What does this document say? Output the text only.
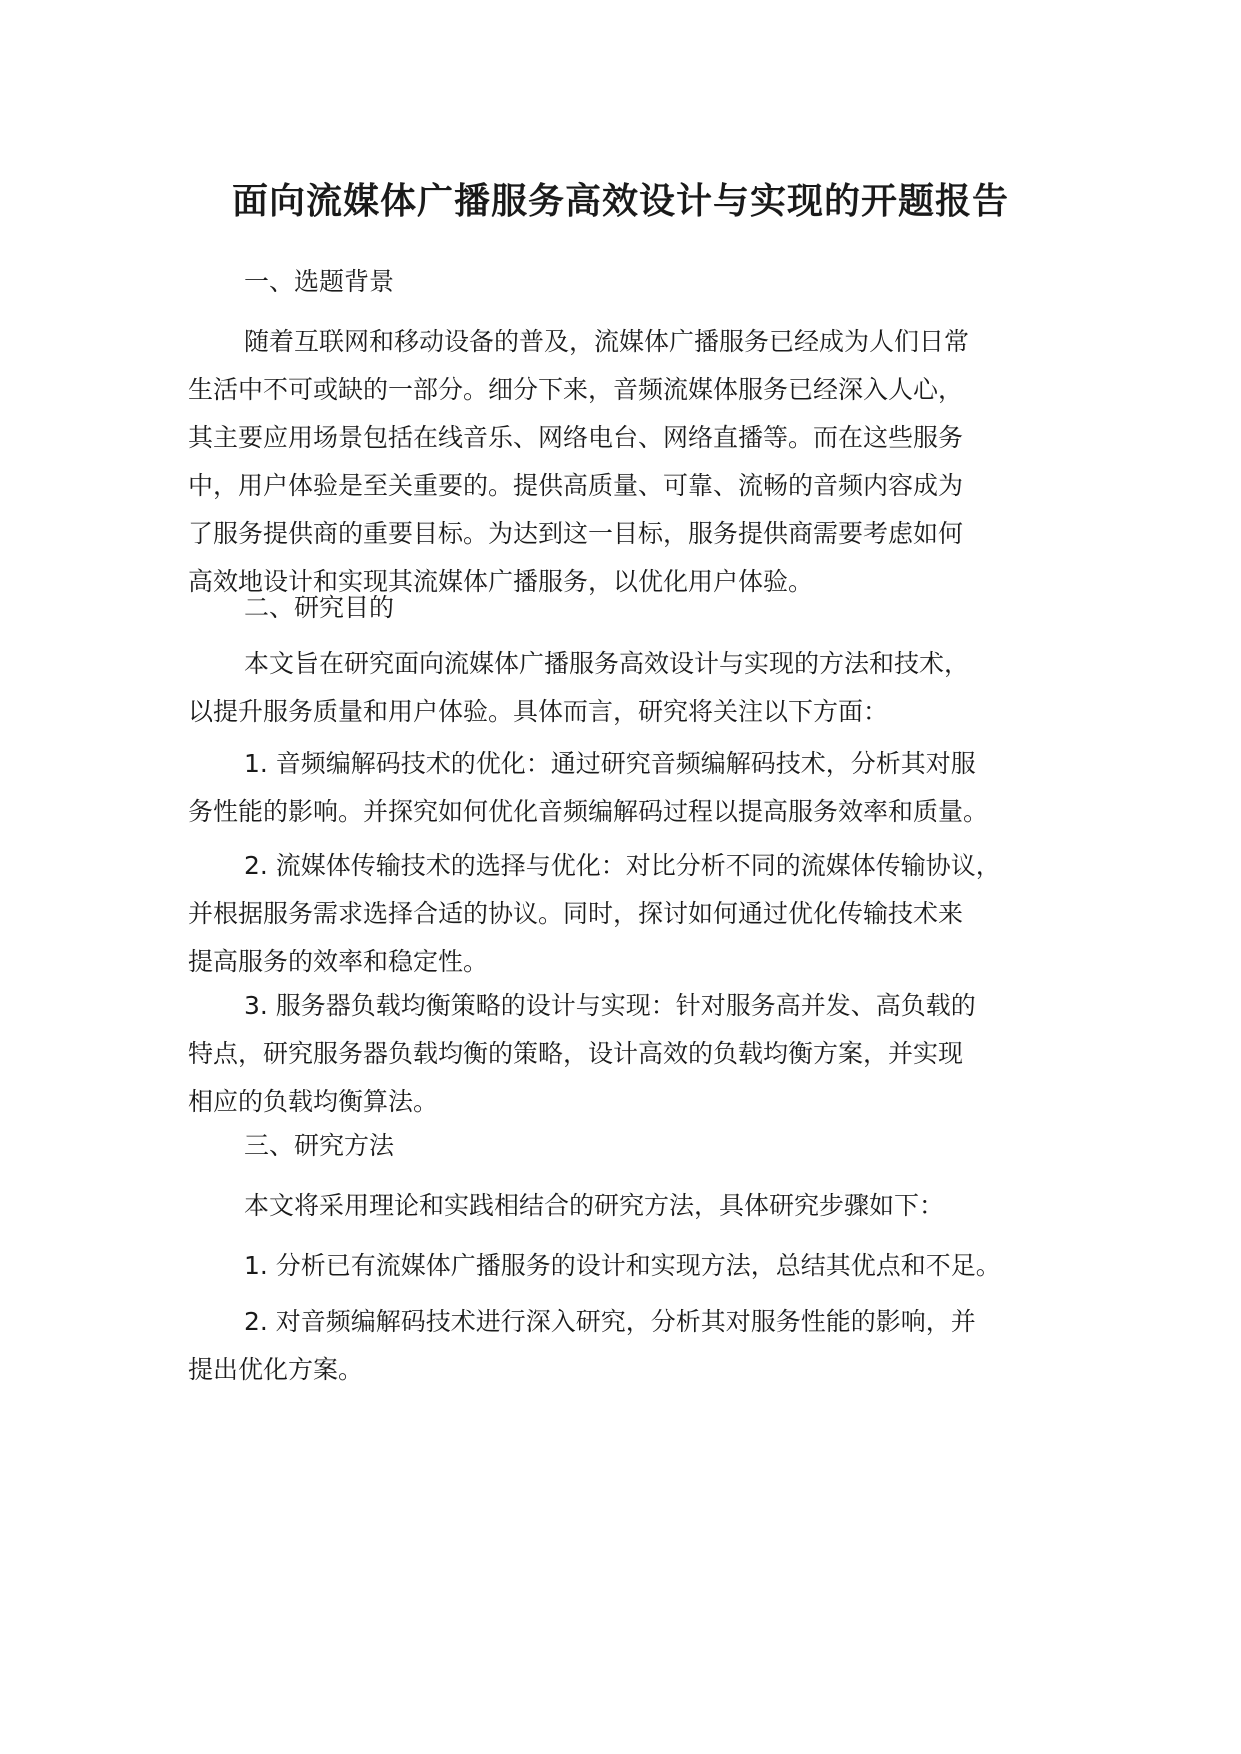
面向流媒体广播服务高效设计与实现的开题报告
一、选题背景
随着互联网和移动设备的普及，流媒体广播服务已经成为人们日常
生活中不可或缺的一部分。细分下来，音频流媒体服务已经深入人心，
其主要应用场景包括在线音乐、网络电台、网络直播等。而在这些服务
中，用户体验是至关重要的。提供高质量、可靠、流畅的音频内容成为
了服务提供商的重要目标。为达到这一目标，服务提供商需要考虑如何
高效地设计和实现其流媒体广播服务，以优化用户体验。
二、研究目的
本文旨在研究面向流媒体广播服务高效设计与实现的方法和技术，
以提升服务质量和用户体验。具体而言，研究将关注以下方面：
1. 音频编解码技术的优化：通过研究音频编解码技术，分析其对服
务性能的影响。并探究如何优化音频编解码过程以提高服务效率和质量。
2. 流媒体传输技术的选择与优化：对比分析不同的流媒体传输协议，
并根据服务需求选择合适的协议。同时，探讨如何通过优化传输技术来
提高服务的效率和稳定性。
3. 服务器负载均衡策略的设计与实现：针对服务高并发、高负载的
特点，研究服务器负载均衡的策略，设计高效的负载均衡方案，并实现
相应的负载均衡算法。
三、研究方法
本文将采用理论和实践相结合的研究方法，具体研究步骤如下：
1. 分析已有流媒体广播服务的设计和实现方法，总结其优点和不足。
2. 对音频编解码技术进行深入研究，分析其对服务性能的影响，并
提出优化方案。
